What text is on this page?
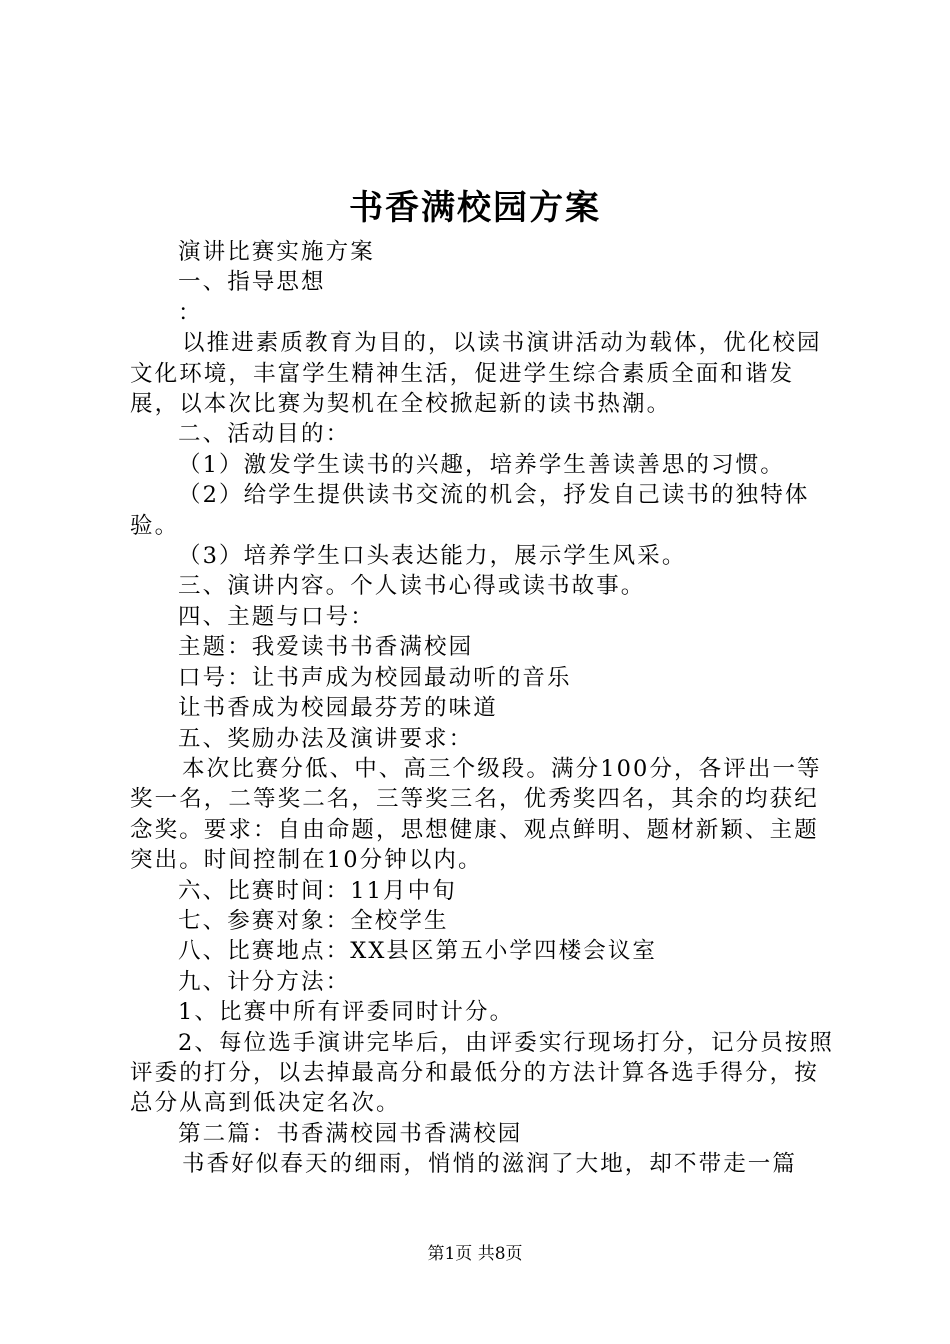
书香满校园方案

演讲比赛实施方案

一、指导思想

：

以推进素质教育为目的，以读书演讲活动为载体，优化校园文化环境，丰富学生精神生活，促进学生综合素质全面和谐发展，以本次比赛为契机在全校掀起新的读书热潮。

二、活动目的：

（1）激发学生读书的兴趣，培养学生善读善思的习惯。

（2）给学生提供读书交流的机会，抒发自己读书的独特体验。

（3）培养学生口头表达能力，展示学生风采。

三、演讲内容。个人读书心得或读书故事。

四、主题与口号：

主题：我爱读书书香满校园

口号：让书声成为校园最动听的音乐

让书香成为校园最芬芳的味道

五、奖励办法及演讲要求：

本次比赛分低、中、高三个级段。满分100分，各评出一等奖一名，二等奖二名，三等奖三名，优秀奖四名，其余的均获纪念奖。要求：自由命题，思想健康、观点鲜明、题材新颖、主题突出。时间控制在10分钟以内。

六、比赛时间：11月中旬

七、参赛对象：全校学生

八、比赛地点：XX县区第五小学四楼会议室

九、计分方法：

1、比赛中所有评委同时计分。

2、每位选手演讲完毕后，由评委实行现场打分，记分员按照评委的打分，以去掉最高分和最低分的方法计算各选手得分，按总分从高到低决定名次。

第二篇：书香满校园书香满校园

书香好似春天的细雨，悄悄的滋润了大地，却不带走一篇

第1页 共8页
